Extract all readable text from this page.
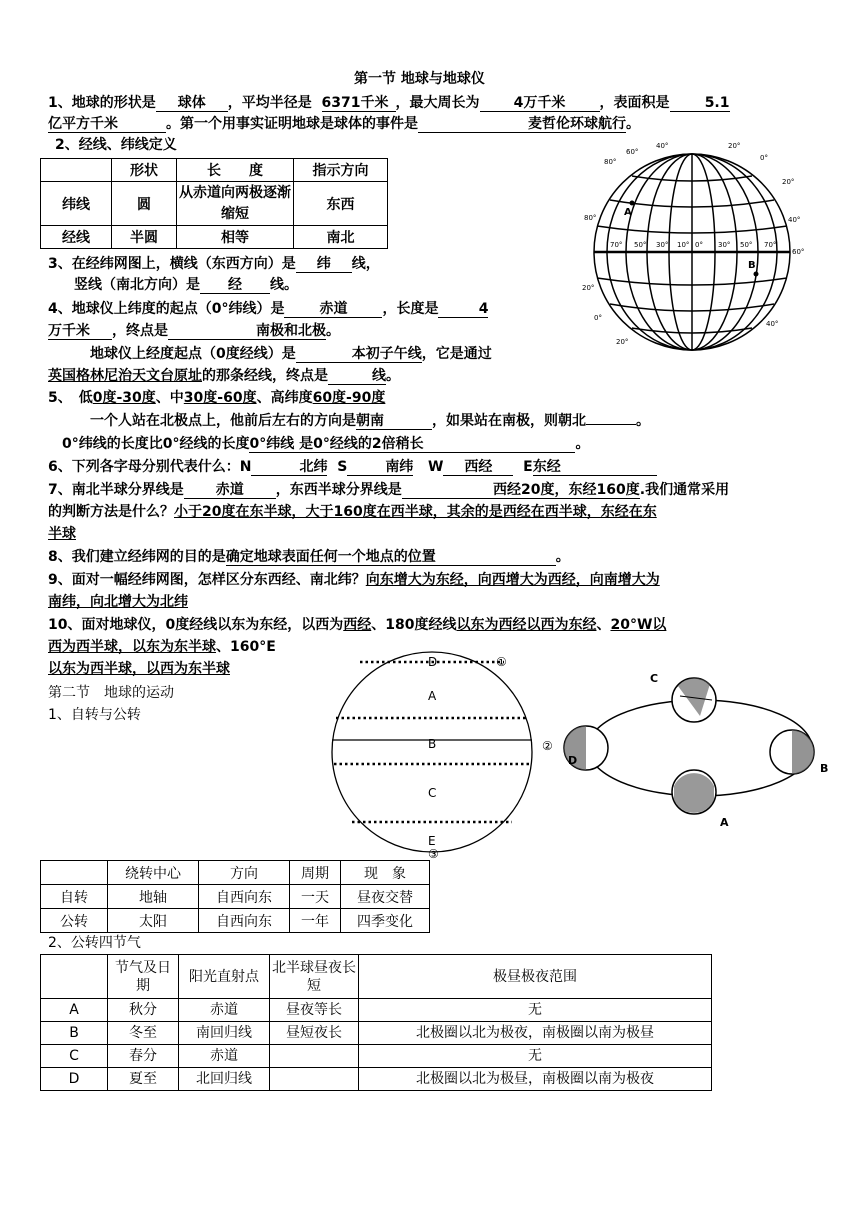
第一节 地球与地球仪
1、地球的形状是 球体 ，平均半径是 6371千米 ，最大周长为 4万千米 ，表面积是	5.1
亿平方千米	。第一个用事实证明地球是球体的事件是	麦哲伦环球航行。
2、经线、纬线定义
	形状	长　　度	指示方向
纬线	圆	从赤道向两极逐渐缩短	东西
经线	半圆	相等	南北
A
B
80°
60°
40°	20°
0°
20°
40°
60°
80°
70° 50° 30° 10° 0° 30° 50° 70°
20°
0°
20°
40°
3、在经纬网图上，横线（东西方向）是 纬 线，
竖线（南北方向）是 经 线。
4、地球仪上纬度的起点（0°纬线）是	赤道	，长度是	4
万千米 ，终点是	南极和北极。
地球仪上经度起点（0度经线）是	本初子午线，它是通过
英国格林尼治天文台原址的那条经线，终点是	线。
5、　低0度-30度、中30度-60度、高纬度60度-90度
一个人站在北极点上，他前后左右的方向是朝南	，如果站在南极，则朝北	。
0°纬线的长度比0°经线的长度0°纬线 是0°经线的2倍稍长	。
6、下列各字母分别代表什么：N	北纬 S	南纬 W 西经 E东经
7、南北半球分界线是 赤道 ，东西半球分界线是	西经20度，东经160度.我们通常采用
的判断方法是什么？小于20度在东半球，大于160度在西半球，其余的是西经在西半球，东经在东
半球
8、我们建立经纬网的目的是确定地球表面任何一个地点的位置	。
9、面对一幅经纬网图，怎样区分东西经、南北纬？向东增大为东经，向西增大为西经，向南增大为
南纬，向北增大为北纬
10、面对地球仪，0度经线以东为东经，以西为西经、180度经线以东为西经以西为东经、20°W以
西为西半球，以东为东半球、160°E
以东为西半球，以西为东半球
第二节　地球的运动
1、自转与公转
D
A
B
C
E
①
②
③
C
D
B
A
	绕转中心	方向	周期	现　象
自转	地轴	自西向东	一天	昼夜交替
公转	太阳	自西向东	一年	四季变化
2、公转四节气
	节气及日期	阳光直射点	北半球昼夜长短	极昼极夜范围
A	秋分	赤道	昼夜等长	无
B	冬至	南回归线	昼短夜长	北极圈以北为极夜，南极圈以南为极昼
C	春分	赤道		无
D	夏至	北回归线		北极圈以北为极昼，南极圈以南为极夜
